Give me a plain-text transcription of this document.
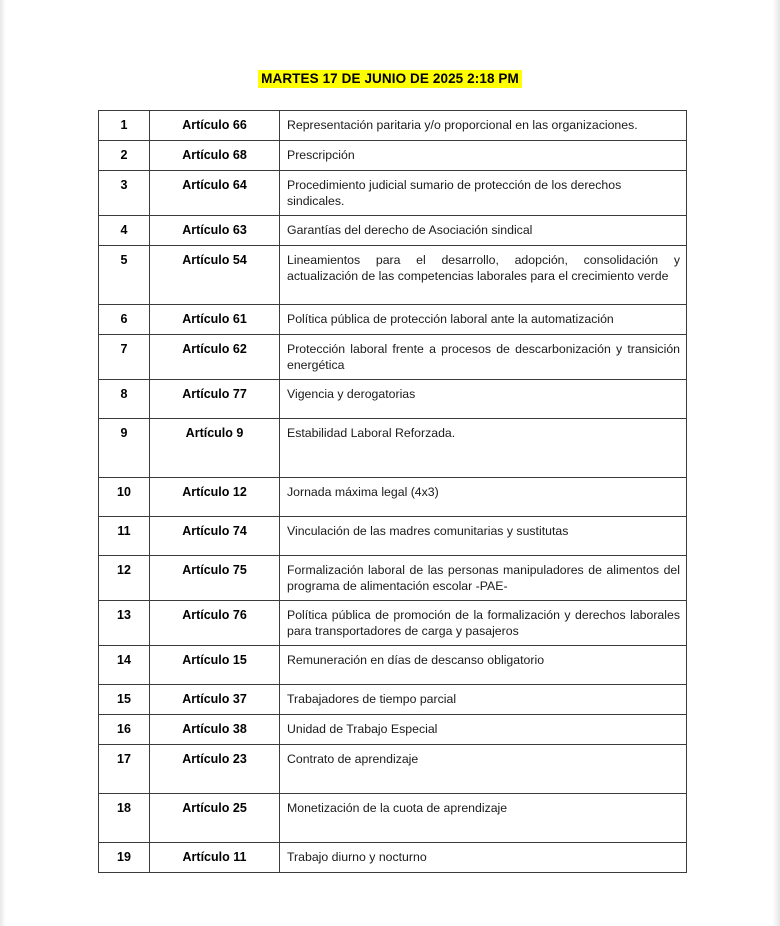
MARTES 17 DE JUNIO DE 2025 2:18 PM
1	Artículo 66	Representación paritaria y/o proporcional en las organizaciones.

2	Artículo 68	Prescripción

3	Artículo 64	Procedimiento judicial sumario de protección de los derechos sindicales.

4	Artículo 63	Garantías del derecho de Asociación sindical

5	Artículo 54	Lineamientos para el desarrollo, adopción, consolidación y actualización de las competencias laborales para el crecimiento verde

6	Artículo 61	Política pública de protección laboral ante la automatización

7	Artículo 62	Protección laboral frente a procesos de descarbonización y transición energética

8	Artículo 77	Vigencia y derogatorias

9	Artículo 9	Estabilidad Laboral Reforzada.

10	Artículo 12	Jornada máxima legal (4x3)

11	Artículo 74	Vinculación de las madres comunitarias y sustitutas

12	Artículo 75	Formalización laboral de las personas manipuladores de alimentos del programa de alimentación escolar -PAE-

13	Artículo 76	Política pública de promoción de la formalización y derechos laborales para transportadores de carga y pasajeros

14	Artículo 15	Remuneración en días de descanso obligatorio

15	Artículo 37	Trabajadores de tiempo parcial

16	Artículo 38	Unidad de Trabajo Especial

17	Artículo 23	Contrato de aprendizaje

18	Artículo 25	Monetización de la cuota de aprendizaje

19	Artículo 11	Trabajo diurno y nocturno
